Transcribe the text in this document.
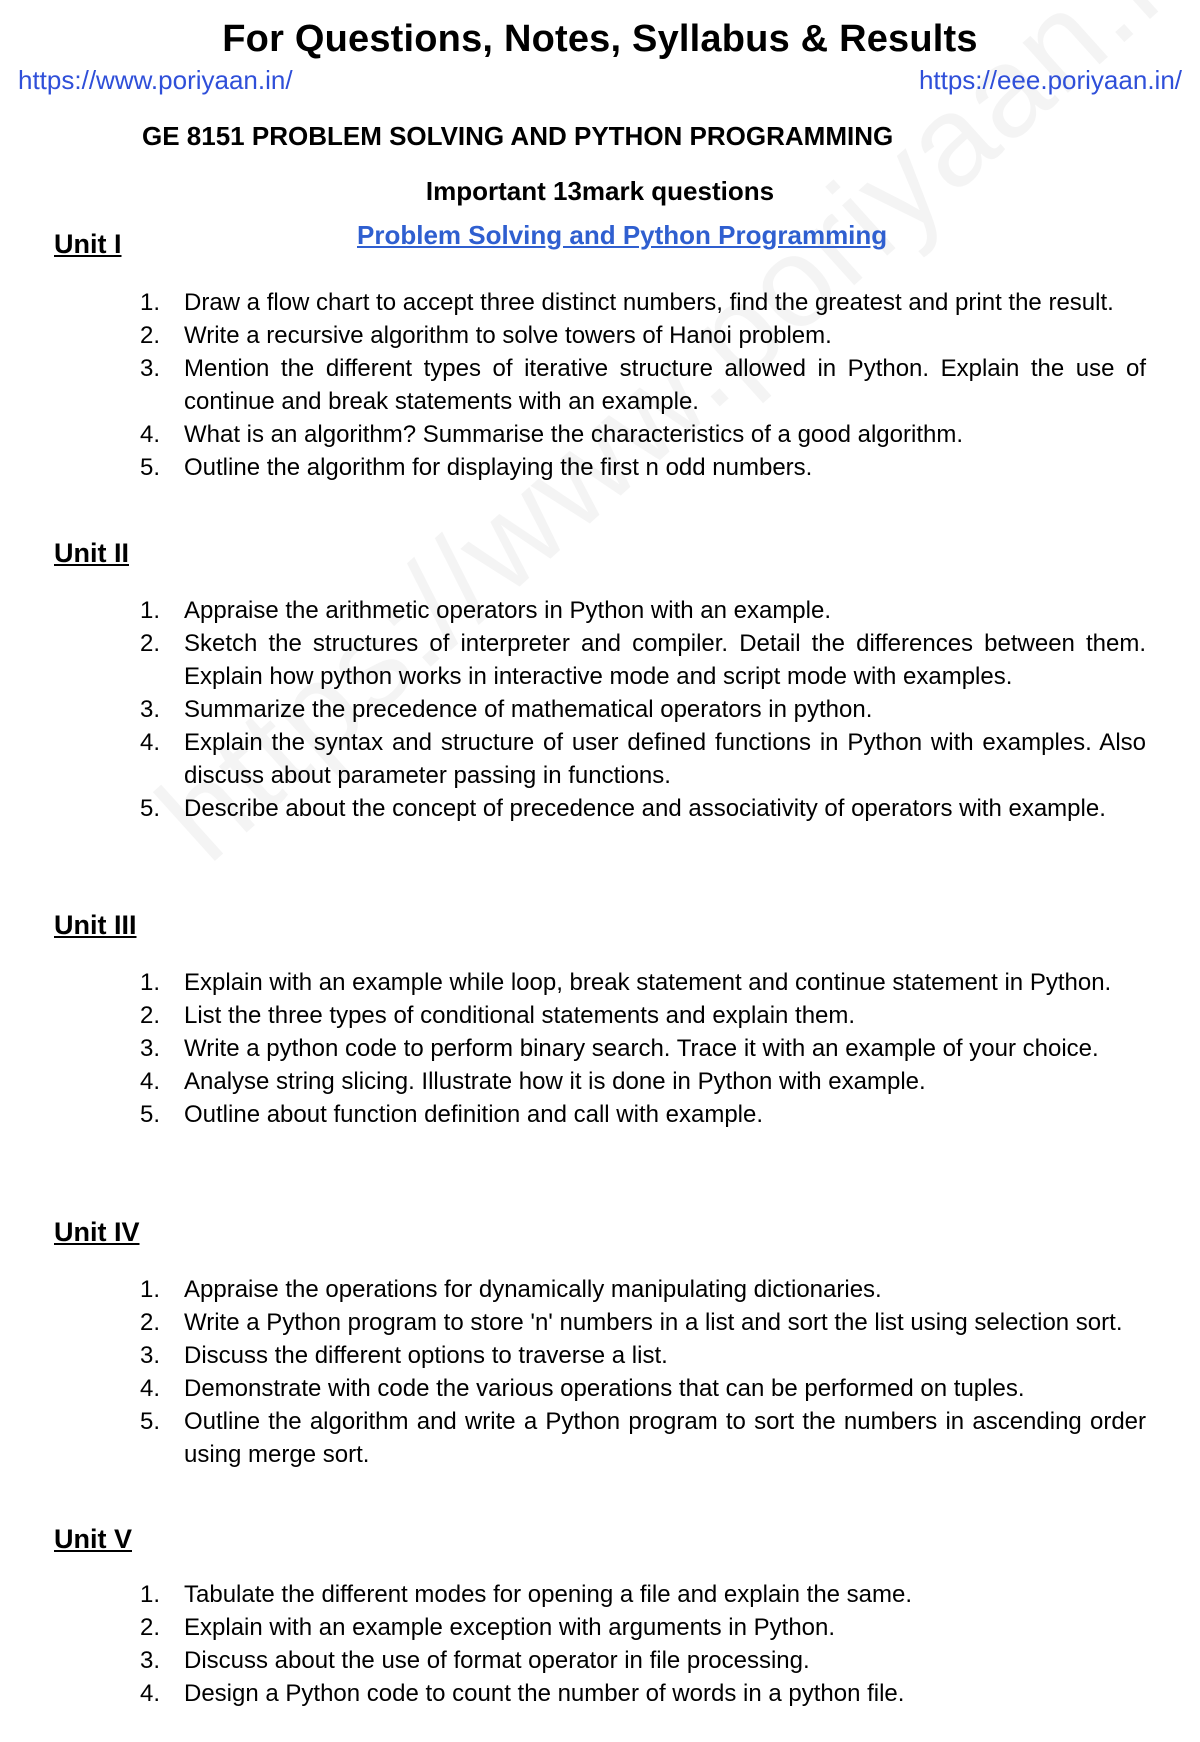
For Questions, Notes, Syllabus & Results
https://www.poriyaan.in/	https://eee.poriyaan.in/
GE 8151 PROBLEM SOLVING AND PYTHON PROGRAMMING
Important 13mark questions
Problem Solving and Python Programming
Unit I
1. Draw a flow chart to accept three distinct numbers, find the greatest and print the result.
2. Write a recursive algorithm to solve towers of Hanoi problem.
3. Mention the different types of iterative structure allowed in Python. Explain the use of continue and break statements with an example.
4. What is an algorithm? Summarise the characteristics of a good algorithm.
5. Outline the algorithm for displaying the first n odd numbers.
Unit II
1. Appraise the arithmetic operators in Python with an example.
2. Sketch the structures of interpreter and compiler. Detail the differences between them. Explain how python works in interactive mode and script mode with examples.
3. Summarize the precedence of mathematical operators in python.
4. Explain the syntax and structure of user defined functions in Python with examples. Also discuss about parameter passing in functions.
5. Describe about the concept of precedence and associativity of operators with example.
Unit III
1. Explain with an example while loop, break statement and continue statement in Python.
2. List the three types of conditional statements and explain them.
3. Write a python code to perform binary search. Trace it with an example of your choice.
4. Analyse string slicing. Illustrate how it is done in Python with example.
5. Outline about function definition and call with example.
Unit IV
1. Appraise the operations for dynamically manipulating dictionaries.
2. Write a Python program to store 'n' numbers in a list and sort the list using selection sort.
3. Discuss the different options to traverse a list.
4. Demonstrate with code the various operations that can be performed on tuples.
5. Outline the algorithm and write a Python program to sort the numbers in ascending order using merge sort.
Unit V
1. Tabulate the different modes for opening a file and explain the same.
2. Explain with an example exception with arguments in Python.
3. Discuss about the use of format operator in file processing.
4. Design a Python code to count the number of words in a python file.
